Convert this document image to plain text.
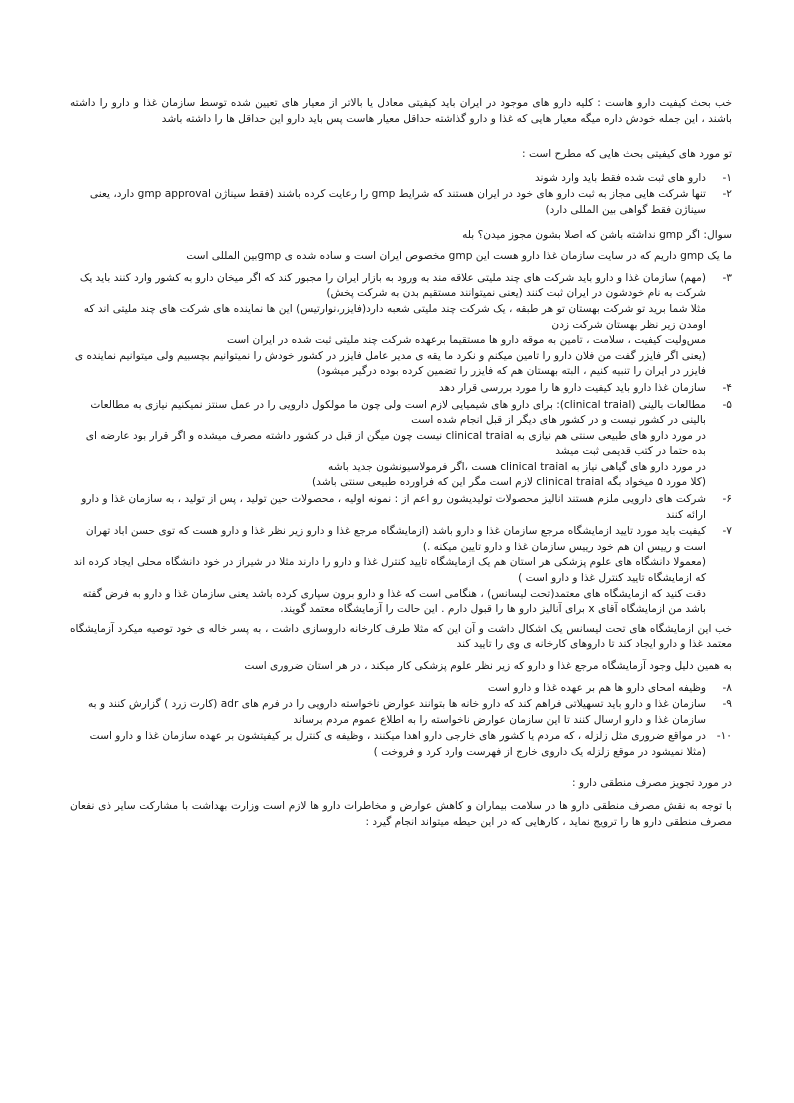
خب بحث کیفیت دارو هاست : کلیه دارو های موجود در ایران باید کیفیتی معادل یا بالاتر از معیار های تعیین شده توسط سازمان غذا و دارو را داشته باشند ، این جمله خودش داره میگه معیار هایی که غذا و دارو گذاشته حداقل معیار هاست پس باید دارو این حداقل ها را داشته باشد

تو مورد های کیفیتی بحث هایی که مطرح است :

۱-
دارو های ثبت شده فقط باید وارد شوند
۲-
تنها شرکت هایی مجاز به ثبت دارو های خود در ایران هستند که شرایط gmp را رعایت کرده باشند (فقط سیناژن gmp approval دارد، یعنی سیناژن فقط گواهی بین المللی دارد)

سوال: اگر gmp نداشته باشن که اصلا بشون مجوز میدن؟ بله

ما یک gmp داریم که در سایت سازمان غذا دارو هست این gmp مخصوص ایران است و ساده شده ی gmpبین المللی است

۳-
(مهم) سازمان غذا و دارو باید شرکت های چند ملیتی علاقه مند به ورود به بازار ایران را مجبور کند که اگر میخان دارو به کشور وارد کنند باید یک شرکت به نام خودشون در ایران ثبت کنند (یعنی نمیتوانند مستقیم بدن به شرکت پخش)
مثلا شما برید تو شرکت بهستان تو هر طبقه ، یک شرکت چند ملیتی شعبه دارد(فایزر،نوارتیس) این ها نماینده های شرکت های چند ملیتی اند که اومدن زیر نظر بهستان شرکت زدن
مس‌ولیت کیفیت ، سلامت ، تامین به موقه دارو ها مستقیما برعهده شرکت چند ملیتی ثبت شده در ایران است
(یعنی اگر فایزر گفت من فلان دارو را تامین میکنم و نکرد ما یقه ی مدیر عامل فایزر در کشور خودش را نمیتوانیم بچسبیم ولی میتوانیم نماینده ی فایزر در ایران را تنبیه کنیم ، البته بهستان هم که فایزر را تضمین کرده بوده درگیر میشود)
۴-
سازمان غذا دارو باید کیفیت دارو ها را مورد بررسی قرار دهد
۵-
مطالعات بالینی (clinical traial): برای دارو های شیمیایی لازم است ولی چون ما مولکول دارویی را در عمل سنتز نمیکنیم نیازی به مطالعات بالینی در کشور نیست و در کشور های دیگر از قبل انجام شده است
در مورد دارو های طبیعی سنتی هم نیازی به clinical traial نیست چون میگن از قبل در کشور داشته مصرف میشده و اگر قرار بود عارضه ای بده حتما در کتب قدیمی ثبت میشد
در مورد دارو های گیاهی نیاز به clinical traial هست ،اگر فرمولاسیونشون جدید باشه
(کلا مورد ۵ میخواد بگه clinical traial لازم است مگر این که فراورده طبیعی سنتی باشد)
۶-
شرکت های دارویی ملزم هستند انالیز محصولات تولیدیشون رو اعم از : نمونه اولیه ، محصولات حین تولید ، پس از تولید ، به سازمان غذا و دارو ارائه کنند
۷-
کیفیت باید مورد تایید ازمایشگاه مرجع سازمان غذا و دارو باشد (ازمایشگاه مرجع غذا و دارو زیر نظر غذا و دارو هست که توی حسن اباد تهران است و رییس ان هم خود رییس سازمان غذا و دارو تایین میکنه .)
(معمولا دانشگاه های علوم پزشکی هر استان هم یک ازمایشگاه تایید کنترل غذا و دارو را دارند مثلا در شیراز در خود دانشگاه محلی ایجاد کرده اند که ازمایشگاه تایید کنترل غذا و دارو است )
دقت کنید که ازمایشگاه های معتمد(تحت لیسانس) ، هنگامی است که غذا و دارو برون سپاری کرده باشد یعنی سازمان غذا و دارو به فرض گفته باشد من ازمایشگاه آقای x برای آنالیز دارو ها را قبول دارم . این حالت را آزمایشگاه معتمد گویند.

خب این ازمایشگاه های تحت لیسانس یک اشکال داشت و آن این که مثلا طرف کارخانه داروسازی داشت ، به پسر خاله ی خود توصیه میکرد آزمایشگاه معتمد غذا و دارو ایجاد کند تا داروهای کارخانه ی وی را تایید کند

به همین دلیل وجود آزمایشگاه مرجع غذا و دارو که زیر نظر علوم پزشکی کار میکند ، در هر استان ضروری است

۸-
وظیفه امحای دارو ها هم بر عهده غذا و دارو است
۹-
سازمان غذا و دارو باید تسهیلاتی فراهم کند که دارو خانه ها بتوانند عوارض ناخواسته دارویی را در فرم های adr (کارت زرد ) گزارش کنند و به سازمان غذا و دارو ارسال کنند تا این سازمان عوارض ناخواسته را به اطلاع عموم مردم برساند
۱۰-
در مواقع ضروری مثل زلزله ، که مردم یا کشور های خارجی دارو اهدا میکنند ، وظیفه ی کنترل بر کیفیتشون بر عهده سازمان غذا و دارو است (مثلا نمیشود در موقع زلزله یک داروی خارج از فهرست وارد کرد و فروخت )

در مورد تجویز مصرف منطقی دارو :

با توجه به نقش مصرف منطقی دارو ها در سلامت بیماران و کاهش عوارض و مخاطرات دارو ها لازم است وزارت بهداشت با مشارکت سایر ذی نفعان مصرف منطقی دارو ها را ترویج نماید ، کارهایی که در این حیطه میتواند انجام گیرد :
